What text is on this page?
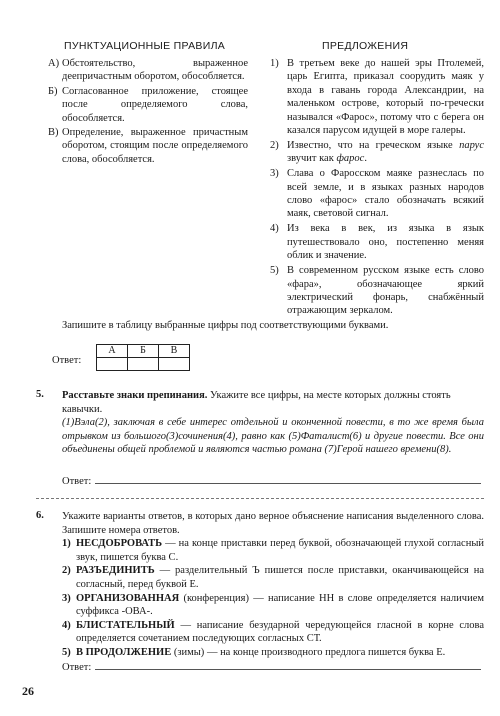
ПУНКТУАЦИОННЫЕ ПРАВИЛА	ПРЕДЛОЖЕНИЯ
А) Обстоятельство, выраженное деепричастным оборотом, обособляется.
Б) Согласованное приложение, стоящее после определяемого слова, обособляется.
В) Определение, выраженное причастным оборотом, стоящим после определяемого слова, обособляется.
1) В третьем веке до нашей эры Птолемей, царь Египта, приказал соорудить маяк у входа в гавань города Александрии, на маленьком острове, который по-гречески назывался «Фарос», потому что с берега он казался парусом идущей в море галеры.
2) Известно, что на греческом языке парус звучит как фарос.
3) Слава о Фаросском маяке разнеслась по всей земле, и в языках разных народов слово «фарос» стало обозначать всякий маяк, световой сигнал.
4) Из века в век, из языка в язык путешествовало оно, постепенно меняя облик и значение.
5) В современном русском языке есть слово «фара», обозначающее яркий электрический фонарь, снабжённый отражающим зеркалом.
Запишите в таблицу выбранные цифры под соответствующими буквами.
Ответ:
А	Б	В

5. Расставьте знаки препинания. Укажите все цифры, на месте которых должны стоять кавычки.
(1)Вэла(2), заключая в себе интерес отдельной и оконченной повести, в то же время была отрывком из большого(3)сочинения(4), равно как (5)Фаталист(6) и другие повести. Все они объединены общей проблемой и являются частью романа (7)Герой нашего времени(8).
Ответ:
6. Укажите варианты ответов, в которых дано верное объяснение написания выделенного слова. Запишите номера ответов.
1) НЕСДОБРОВАТЬ — на конце приставки перед буквой, обозначающей глухой согласный звук, пишется буква С.
2) РАЗЪЕДИНИТЬ — разделительный Ъ пишется после приставки, оканчивающейся на согласный, перед буквой Е.
3) ОРГАНИЗОВАННАЯ (конференция) — написание НН в слове определяется наличием суффикса -ОВА-.
4) БЛИСТАТЕЛЬНЫЙ — написание безударной чередующейся гласной в корне слова определяется сочетанием последующих согласных СТ.
5) В ПРОДОЛЖЕНИЕ (зимы) — на конце производного предлога пишется буква Е.
Ответ:
26
